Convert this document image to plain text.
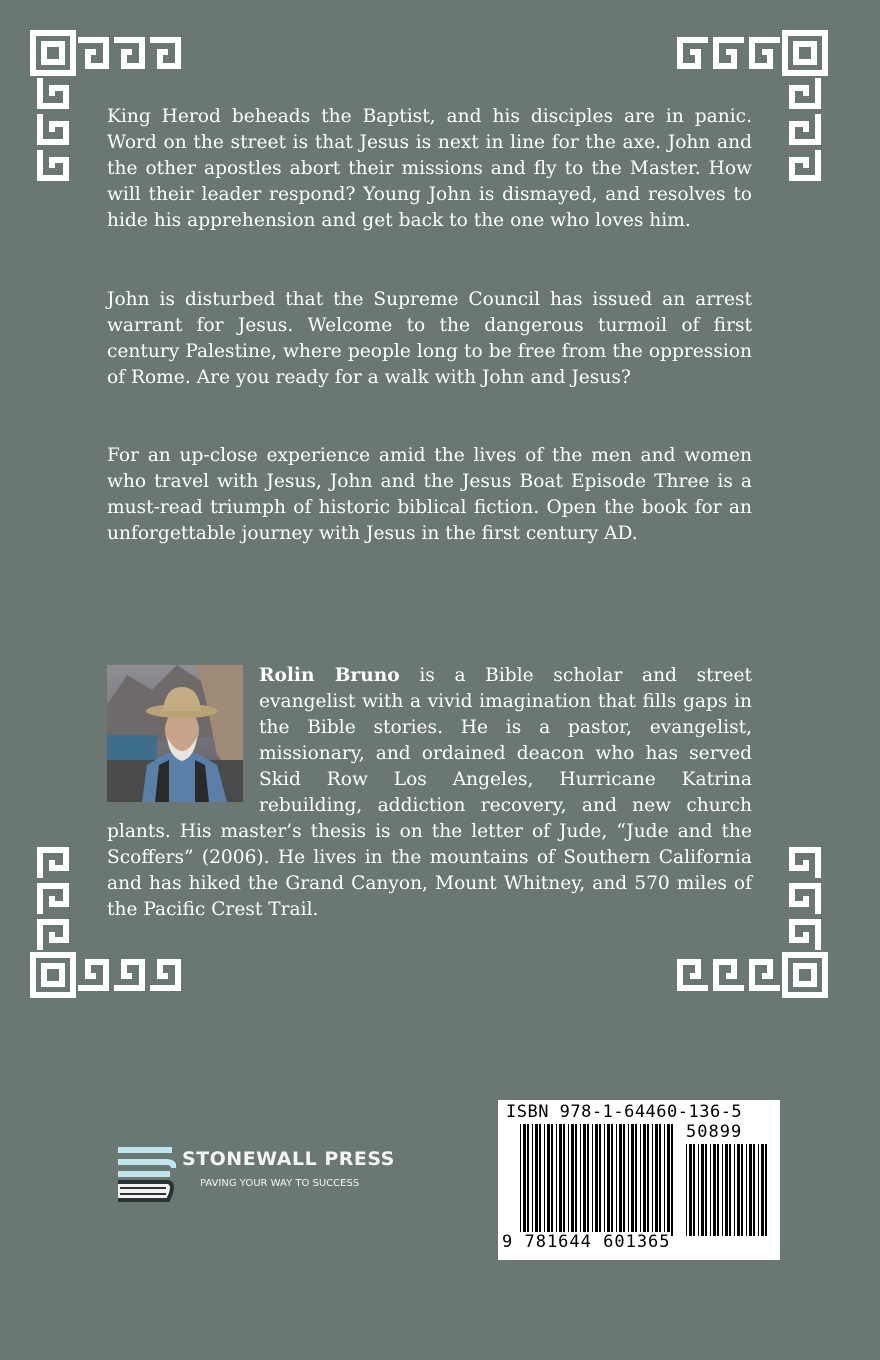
King Herod beheads the Baptist, and his disciples are in panic. Word on the street is that Jesus is next in line for the axe. John and the other apostles abort their missions and fly to the Master. How will their leader respond? Young John is dismayed, and resolves to hide his apprehension and get back to the one who loves him.

John is disturbed that the Supreme Council has issued an arrest warrant for Jesus. Welcome to the dangerous turmoil of first century Palestine, where people long to be free from the oppression of Rome. Are you ready for a walk with John and Jesus?

For an up-close experience amid the lives of the men and women who travel with Jesus, John and the Jesus Boat Episode Three is a must-read triumph of historic biblical fiction. Open the book for an unforgettable journey with Jesus in the first century AD.

Rolin Bruno is a Bible scholar and street evangelist with a vivid imagination that fills gaps in the Bible stories. He is a pastor, evangelist, missionary, and ordained deacon who has served Skid Row Los Angeles, Hurricane Katrina rebuilding, addiction recovery, and new church plants. His master’s thesis is on the letter of Jude, “Jude and the Scoffers” (2006). He lives in the mountains of Southern California and has hiked the Grand Canyon, Mount Whitney, and 570 miles of the Pacific Crest Trail.

STONEWALL PRESS
PAVING YOUR WAY TO SUCCESS
ISBN 978-1-64460-136-5
50899
9 781644 601365
